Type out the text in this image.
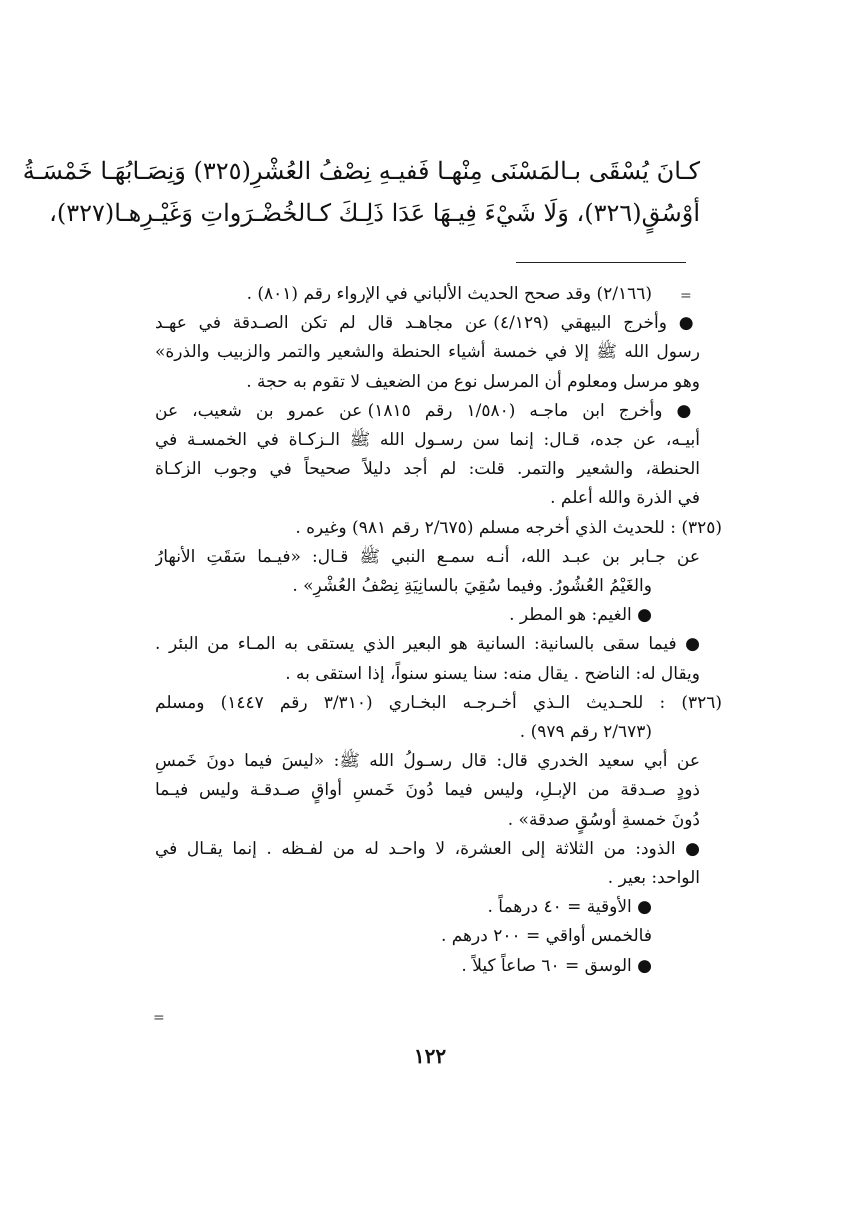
كـانَ يُسْقَى بـالمَسْنَى مِنْهـا فَفيـهِ نِصْفُ العُشْرِ(٣٢٥) وَنِصَـابُهَـا خَمْسَـةُ
أوْسُقٍ(٣٢٦)، وَلَا شَيْءَ فِيـهَا عَدَا ذَلِـكَ كـالخُضْـرَواتِ وَغَيْـرِهـا(٣٢٧)،
=
=
(٢/١٦٦) وقد صحح الحديث الألباني في الإرواء رقم (٨٠١) .
● وأخرج البيهقي (٤/١٢٩) عن مجاهـد قال لم تكن الصـدقة في عهـد
رسول الله ﷺ إلا في خمسة أشياء الحنطة والشعير والتمر والزبيب والذرة»
وهو مرسل ومعلوم أن المرسل نوع من الضعيف لا تقوم به حجة .
● وأخرج ابن ماجـه (١/٥٨٠ رقم ١٨١٥) عن عمرو بن شعيب، عن
أبيـه، عن جده، قـال: إنما سن رسـول الله ﷺ الـزكـاة في الخمسـة في
الحنطة، والشعير والتمر. قلت: لم أجد دليلاً صحيحاً في وجوب الزكـاة
في الذرة والله أعلم .
(٣٢٥) : للحديث الذي أخرجه مسلم (٢/٦٧٥ رقم ٩٨١) وغيره .
عن جـابر بن عبـد الله، أنـه سمـع النبي ﷺ قـال: «فيـما سَقَتِ الأنهارُ
والغَيْمُ العُشُورُ. وفيما سُقِيَ بالسانِيَةِ نِصْفُ العُشْرِ» .
● الغيم: هو المطر .
● فيما سقى بالسانية: السانية هو البعير الذي يستقى به المـاء من البئر .
ويقال له: الناضح . يقال منه: سنا يسنو سنواً، إذا استقى به .
(٣٢٦) : للحـديث الـذي أخـرجـه البخـاري (٣/٣١٠ رقم ١٤٤٧) ومسلم
(٢/٦٧٣ رقم ٩٧٩) .
عن أبي سعيد الخدري قال: قال رسـولُ الله ﷺ: «ليسَ فيما دونَ خَمسِ
ذودٍ صـدقة من الإبـلِ، وليس فيما دُونَ خَمسِ أواقٍ صـدقـة وليس فيـما
دُونَ خمسةِ أوسُقٍ صدقة» .
● الذود: من الثلاثة إلى العشرة، لا واحـد له من لفـظه . إنما يقـال في
الواحد: بعير .
● الأوقية = ٤٠ درهماً .
فالخمس أواقي = ٢٠٠ درهم .
● الوسق = ٦٠ صاعاً كيلاً .
١٢٢
